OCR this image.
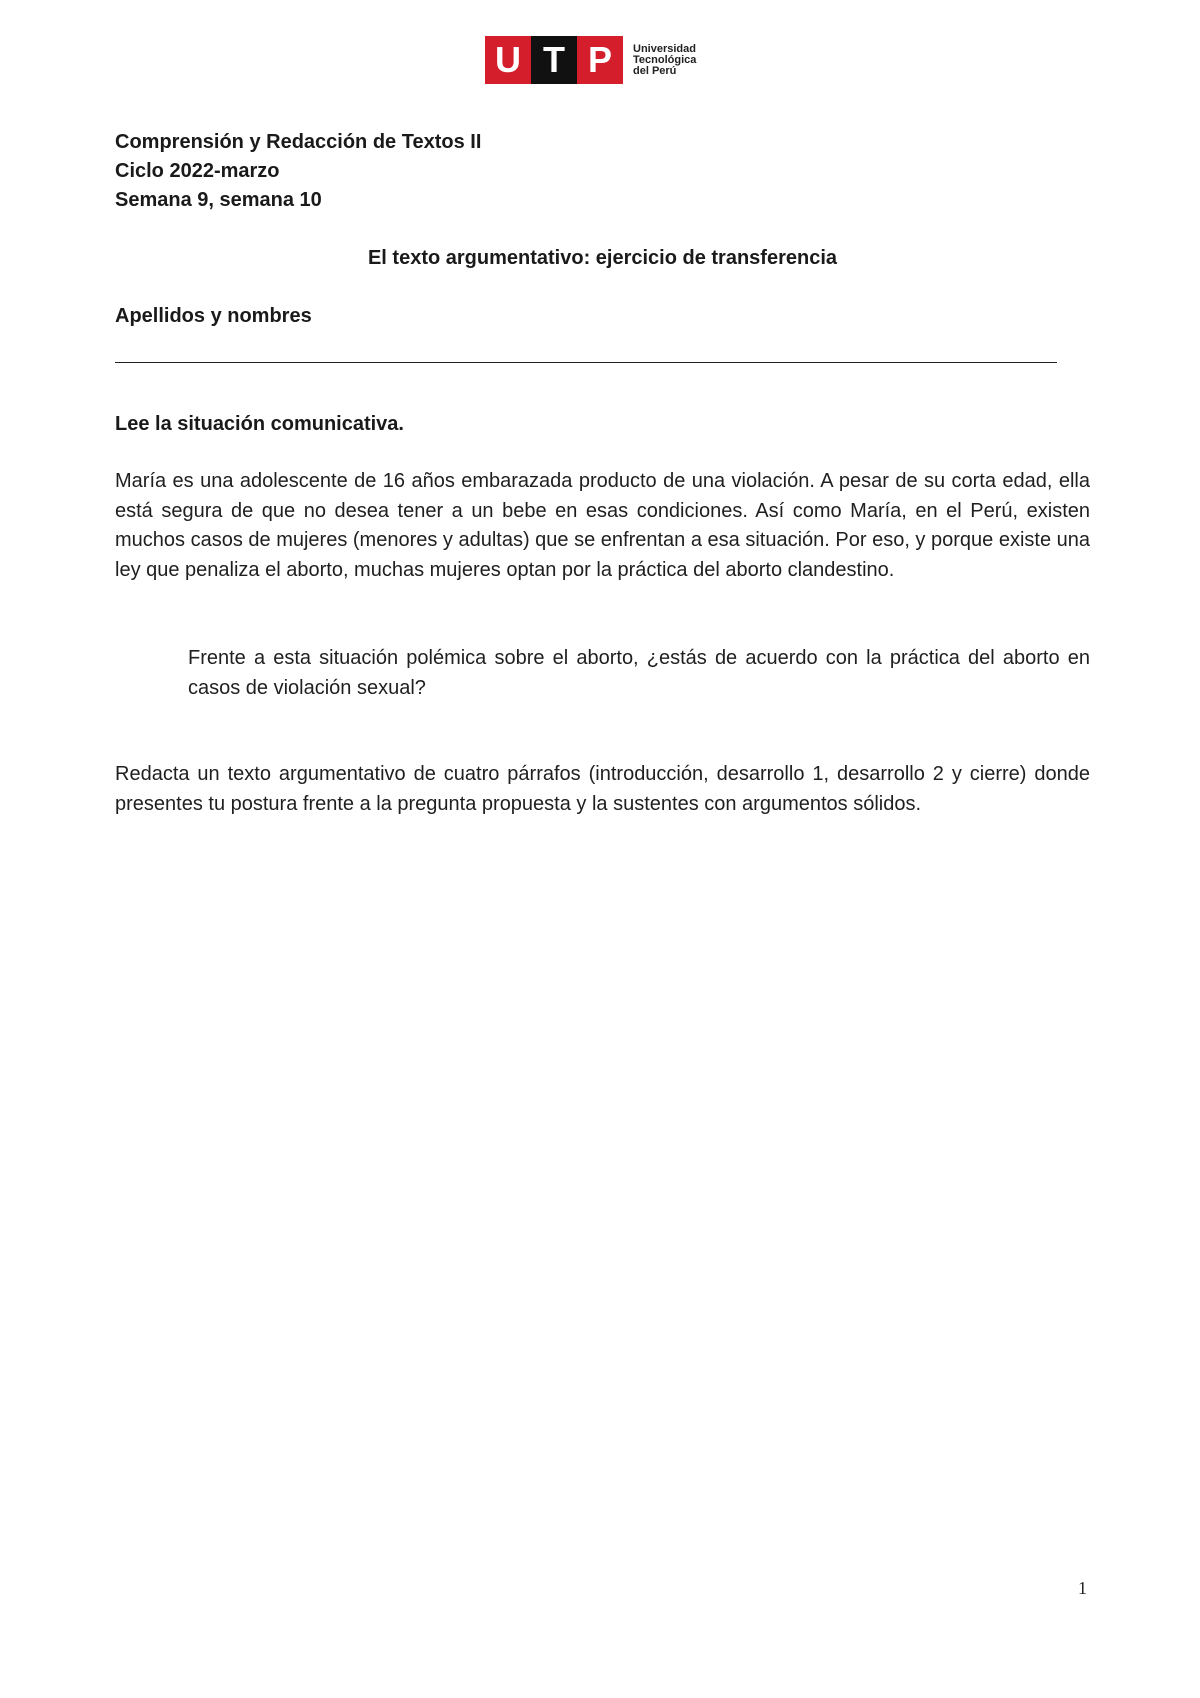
U T P	Universidad
Tecnológica
del Perú
Comprensión y Redacción de Textos II
Ciclo 2022-marzo
Semana 9, semana 10
El texto argumentativo: ejercicio de transferencia
Apellidos y nombres
Lee la situación comunicativa.
María es una adolescente de 16 años embarazada producto de una violación. A pesar de su corta edad, ella está segura de que no desea tener a un bebe en esas condiciones. Así como María, en el Perú, existen muchos casos de mujeres (menores y adultas) que se enfrentan a esa situación. Por eso, y porque existe una ley que penaliza el aborto, muchas mujeres optan por la práctica del aborto clandestino.
Frente a esta situación polémica sobre el aborto, ¿estás de acuerdo con la práctica del aborto en casos de violación sexual?
Redacta un texto argumentativo de cuatro párrafos (introducción, desarrollo 1, desarrollo 2 y cierre) donde presentes tu postura frente a la pregunta propuesta y la sustentes con argumentos sólidos.
1
